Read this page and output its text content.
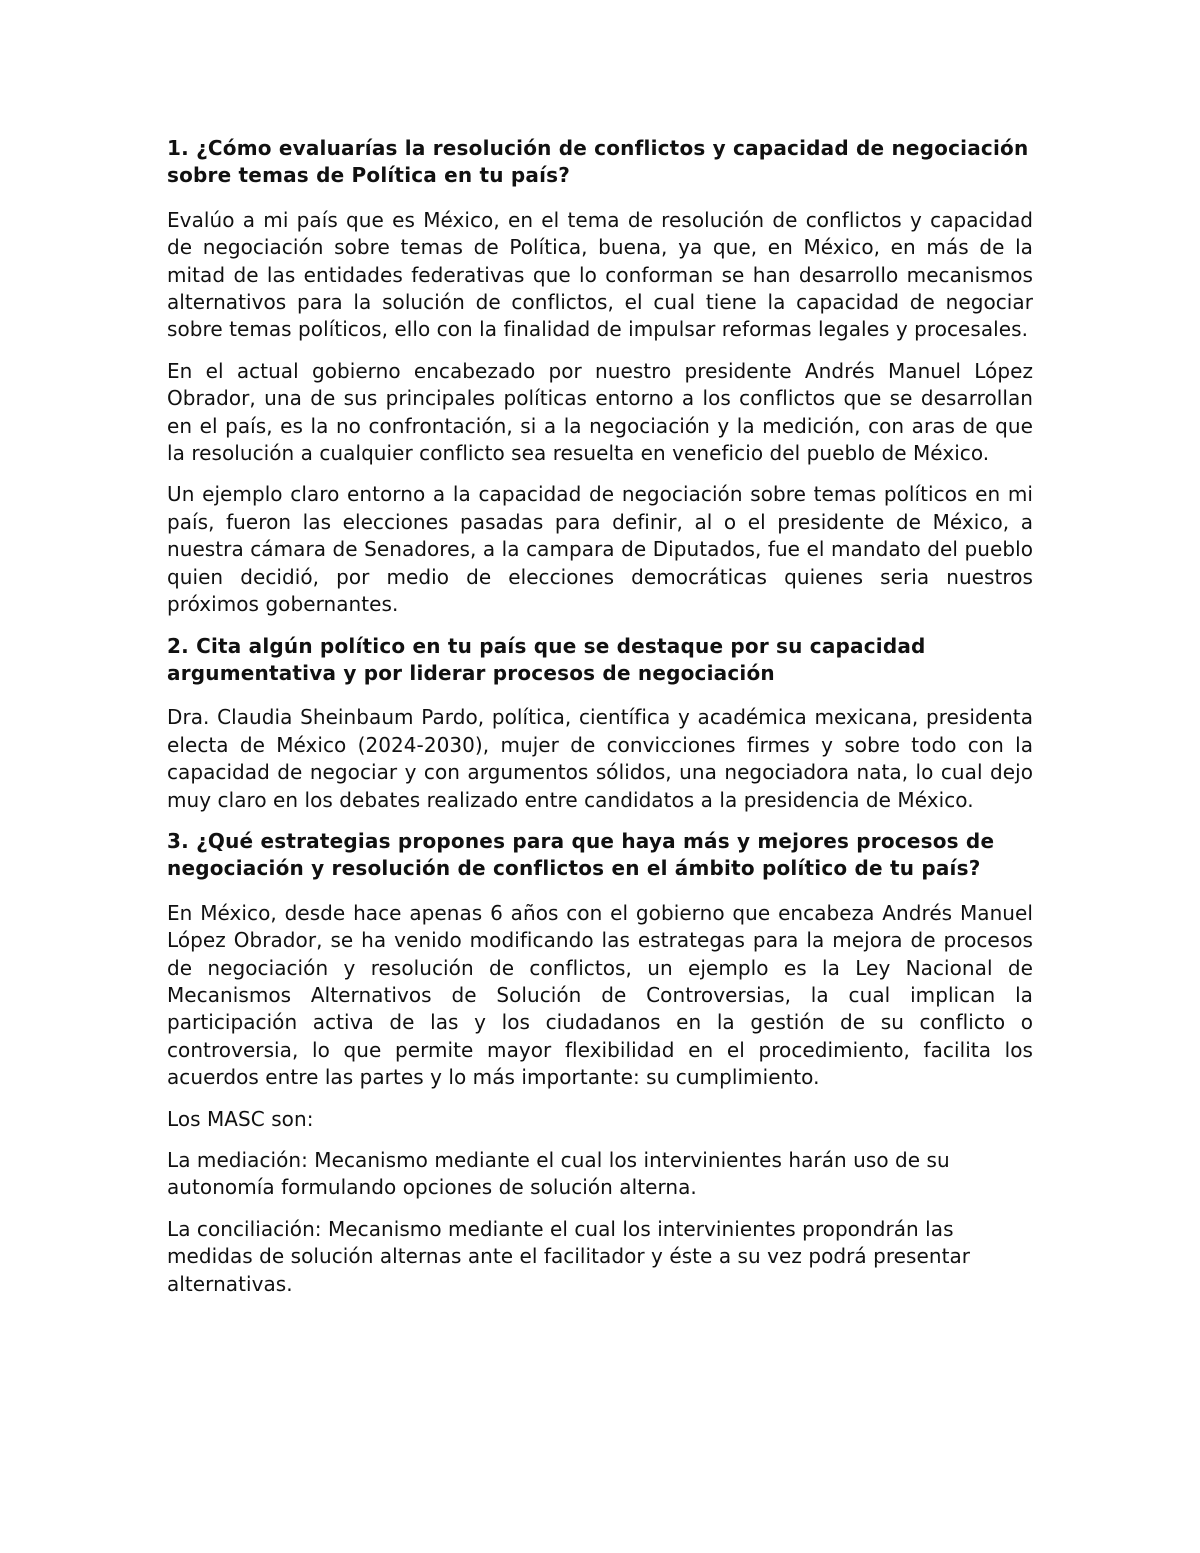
1. ¿Cómo evaluarías la resolución de conflictos y capacidad de negociación sobre temas de Política en tu país?
Evalúo a mi país que es México, en el tema de resolución de conflictos y capacidad de negociación sobre temas de Política, buena, ya que, en México, en más de la mitad de las entidades federativas que lo conforman se han desarrollo mecanismos alternativos para la solución de conflictos, el cual tiene la capacidad de negociar sobre temas políticos, ello con la finalidad de impulsar reformas legales y procesales.
En el actual gobierno encabezado por nuestro presidente Andrés Manuel López Obrador, una de sus principales políticas entorno a los conflictos que se desarrollan en el país, es la no confrontación, si a la negociación y la medición, con aras de que la resolución a cualquier conflicto sea resuelta en veneficio del pueblo de México.
Un ejemplo claro entorno a la capacidad de negociación sobre temas políticos en mi país, fueron las elecciones pasadas para definir, al o el presidente de México, a nuestra cámara de Senadores, a la campara de Diputados, fue el mandato del pueblo quien decidió, por medio de elecciones democráticas quienes seria nuestros próximos gobernantes.
2. Cita algún político en tu país que se destaque por su capacidad argumentativa y por liderar procesos de negociación
Dra. Claudia Sheinbaum Pardo, política, científica y académica mexicana, presidenta electa de México (2024-2030), mujer de convicciones firmes y sobre todo con la capacidad de negociar y con argumentos sólidos, una negociadora nata, lo cual dejo muy claro en los debates realizado entre candidatos a la presidencia de México.
3. ¿Qué estrategias propones para que haya más y mejores procesos de negociación y resolución de conflictos en el ámbito político de tu país?
En México, desde hace apenas 6 años con el gobierno que encabeza Andrés Manuel López Obrador, se ha venido modificando las estrategas para la mejora de procesos de negociación y resolución de conflictos, un ejemplo es la Ley Nacional de Mecanismos Alternativos de Solución de Controversias, la cual implican la participación activa de las y los ciudadanos en la gestión de su conflicto o controversia, lo que permite mayor flexibilidad en el procedimiento, facilita los acuerdos entre las partes y lo más importante: su cumplimiento.
Los MASC son:
La mediación: Mecanismo mediante el cual los intervinientes harán uso de su autonomía formulando opciones de solución alterna.
La conciliación: Mecanismo mediante el cual los intervinientes propondrán las medidas de solución alternas ante el facilitador y éste a su vez podrá presentar alternativas.
